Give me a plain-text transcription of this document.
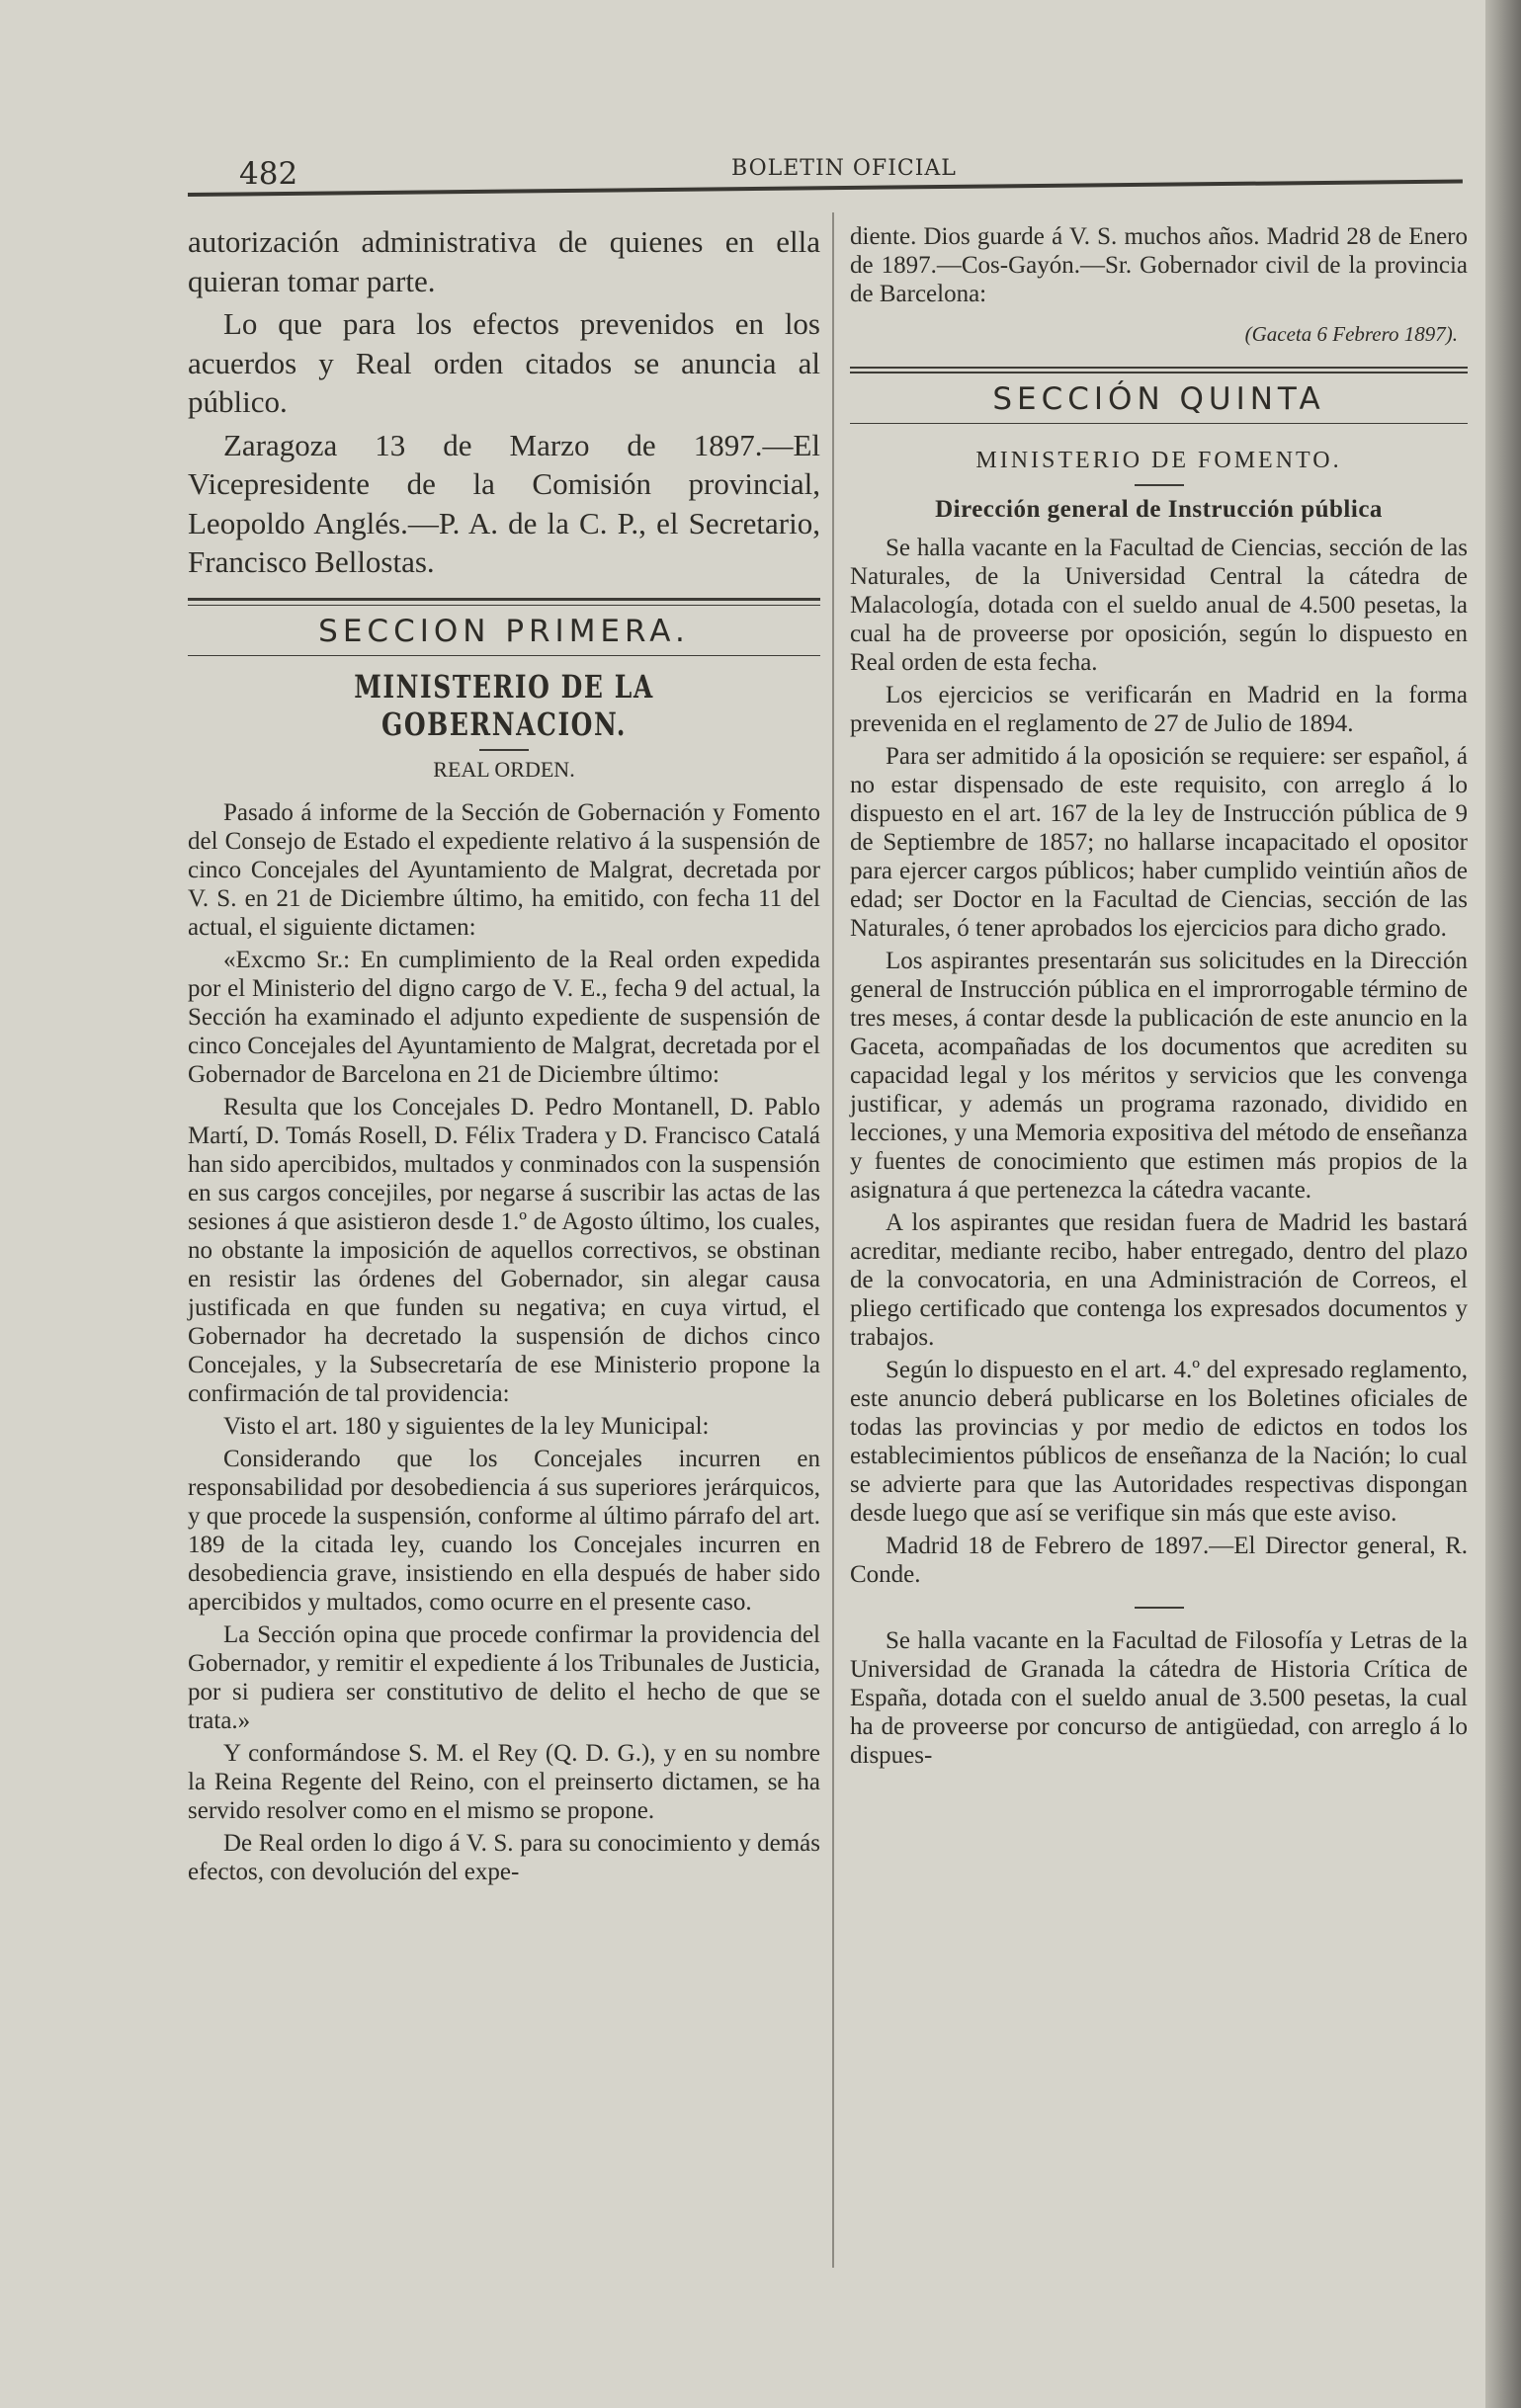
482	BOLETIN OFICIAL

autorización administrativa de quienes en ella quieran tomar parte.

Lo que para los efectos prevenidos en los acuerdos y Real orden citados se anuncia al público.

Zaragoza 13 de Marzo de 1897.—El Vicepresidente de la Comisión provincial, Leopoldo Anglés.—P. A. de la C. P., el Secretario, Francisco Bellostas.

SECCION PRIMERA.
MINISTERIO DE LA GOBERNACION.
REAL ORDEN.

Pasado á informe de la Sección de Gobernación y Fomento del Consejo de Estado el expediente relativo á la suspensión de cinco Concejales del Ayuntamiento de Malgrat, decretada por V. S. en 21 de Diciembre último, ha emitido, con fecha 11 del actual, el siguiente dictamen:

«Excmo Sr.: En cumplimiento de la Real orden expedida por el Ministerio del digno cargo de V. E., fecha 9 del actual, la Sección ha examinado el adjunto expediente de suspensión de cinco Concejales del Ayuntamiento de Malgrat, decretada por el Gobernador de Barcelona en 21 de Diciembre último:

Resulta que los Concejales D. Pedro Montanell, D. Pablo Martí, D. Tomás Rosell, D. Félix Tradera y D. Francisco Catalá han sido apercibidos, multados y conminados con la suspensión en sus cargos concejiles, por negarse á suscribir las actas de las sesiones á que asistieron desde 1.º de Agosto último, los cuales, no obstante la imposición de aquellos correctivos, se obstinan en resistir las órdenes del Gobernador, sin alegar causa justificada en que funden su negativa; en cuya virtud, el Gobernador ha decretado la suspensión de dichos cinco Concejales, y la Subsecretaría de ese Ministerio propone la confirmación de tal providencia:

Visto el art. 180 y siguientes de la ley Municipal:

Considerando que los Concejales incurren en responsabilidad por desobediencia á sus superiores jerárquicos, y que procede la suspensión, conforme al último párrafo del art. 189 de la citada ley, cuando los Concejales incurren en desobediencia grave, insistiendo en ella después de haber sido apercibidos y multados, como ocurre en el presente caso.

La Sección opina que procede confirmar la providencia del Gobernador, y remitir el expediente á los Tribunales de Justicia, por si pudiera ser constitutivo de delito el hecho de que se trata.»

Y conformándose S. M. el Rey (Q. D. G.), y en su nombre la Reina Regente del Reino, con el preinserto dictamen, se ha servido resolver como en el mismo se propone.

De Real orden lo digo á V. S. para su conocimiento y demás efectos, con devolución del expe-

diente. Dios guarde á V. S. muchos años. Madrid 28 de Enero de 1897.—Cos-Gayón.—Sr. Gobernador civil de la provincia de Barcelona:

(Gaceta 6 Febrero 1897).
SECCIÓN QUINTA
MINISTERIO DE FOMENTO.
Dirección general de Instrucción pública

Se halla vacante en la Facultad de Ciencias, sección de las Naturales, de la Universidad Central la cátedra de Malacología, dotada con el sueldo anual de 4.500 pesetas, la cual ha de proveerse por oposición, según lo dispuesto en Real orden de esta fecha.

Los ejercicios se verificarán en Madrid en la forma prevenida en el reglamento de 27 de Julio de 1894.

Para ser admitido á la oposición se requiere: ser español, á no estar dispensado de este requisito, con arreglo á lo dispuesto en el art. 167 de la ley de Instrucción pública de 9 de Septiembre de 1857; no hallarse incapacitado el opositor para ejercer cargos públicos; haber cumplido veintiún años de edad; ser Doctor en la Facultad de Ciencias, sección de las Naturales, ó tener aprobados los ejercicios para dicho grado.

Los aspirantes presentarán sus solicitudes en la Dirección general de Instrucción pública en el improrrogable término de tres meses, á contar desde la publicación de este anuncio en la Gaceta, acompañadas de los documentos que acrediten su capacidad legal y los méritos y servicios que les convenga justificar, y además un programa razonado, dividido en lecciones, y una Memoria expositiva del método de enseñanza y fuentes de conocimiento que estimen más propios de la asignatura á que pertenezca la cátedra vacante.

A los aspirantes que residan fuera de Madrid les bastará acreditar, mediante recibo, haber entregado, dentro del plazo de la convocatoria, en una Administración de Correos, el pliego certificado que contenga los expresados documentos y trabajos.

Según lo dispuesto en el art. 4.º del expresado reglamento, este anuncio deberá publicarse en los Boletines oficiales de todas las provincias y por medio de edictos en todos los establecimientos públicos de enseñanza de la Nación; lo cual se advierte para que las Autoridades respectivas dispongan desde luego que así se verifique sin más que este aviso.

Madrid 18 de Febrero de 1897.—El Director general, R. Conde.

Se halla vacante en la Facultad de Filosofía y Letras de la Universidad de Granada la cátedra de Historia Crítica de España, dotada con el sueldo anual de 3.500 pesetas, la cual ha de proveerse por concurso de antigüedad, con arreglo á lo dispues-
